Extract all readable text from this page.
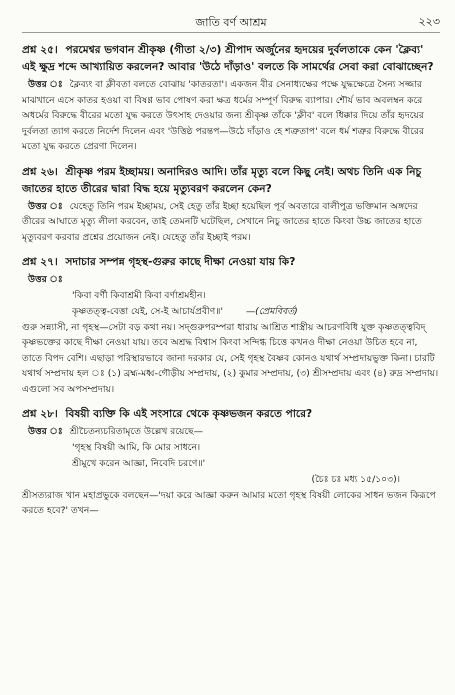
জাতি বর্ণ আশ্রম	২২৩
প্রশ্ন ২৫। পরমেশ্বর ভগবান শ্রীকৃষ্ণ (গীতা ২/৩) শ্রীপাদ অর্জুনের হৃদয়ের দুর্বলতাকে কেন 'ক্লৈব্য' এই ক্ষুদ্র শব্দে আখ্যায়িত করলেন? আবার 'উঠে দাঁড়াও' বলতে কি সামর্থের সেবা করা বোঝাচ্ছেন?
উত্তর ঃ ক্লৈব্যং বা ক্লীবতা বলতে বোঝায় 'কাতরতা'। একজন বীর সেনাধ্যক্ষের পক্ষে যুদ্ধক্ষেত্রে সৈন্য সজ্জার মাঝখানে এসে কাতর হওয়া বা বিষণ্ণ ভাব পোষণ করা ক্ষত্র ধর্মের সম্পূর্ণ বিরুদ্ধ ব্যাপার। শৌর্য ভাব অবলম্বন করে অধর্মের বিরুদ্ধে বীরের মতো যুদ্ধ করতে উৎসাহ দেওয়ার জন্য শ্রীকৃষ্ণ তাঁকে 'ক্লীব' বলে ধিক্কার দিয়ে তাঁর হৃদয়ের দুর্বলতা ত্যাগ করতে নির্দেশ দিলেন এবং 'উত্তিষ্ঠ পরন্তপ—উঠে দাঁড়াও হে শত্রুতাপ' বলে ধর্ম শত্রুর বিরুদ্ধে বীরের মতো যুদ্ধ করতে প্রেরণা দিলেন।
প্রশ্ন ২৬। শ্রীকৃষ্ণ পরম ইচ্ছাময়। অনাদিরও আদি। তাঁর মৃত্যু বলে কিছু নেই। অথচ তিনি এক নিচু জাতের হাতে তীরের দ্বারা বিদ্ধ হয়ে মৃত্যুবরণ করলেন কেন?
উত্তর ঃ যেহেতু তিনি পরম ইচ্ছাময়, সেই হেতু তাঁর ইচ্ছা হয়েছিল পূর্ব অবতারে বালীপুত্র ভক্তিমান অঙ্গদের তীরের আঘাতে মৃত্যু লীলা করবেন, তাই তেমনটি ঘটেছিল, সেখানে নিচু জাতের হাতে কিংবা উচ্চ জাতের হাতে মৃত্যুবরণ করবার প্রশ্নের প্রয়োজন নেই। যেহেতু তাঁর ইচ্ছাই পরম।
প্রশ্ন ২৭। সদাচার সম্পন্ন গৃহস্থ-গুরুর কাছে দীক্ষা নেওয়া যায় কি?
উত্তর ঃ
'কিবা বর্ণী কিবাশ্রমী কিবা বর্ণাশ্রমহীন।
কৃষ্ণতত্ত্ব-বেত্তা যেই, সে-ই আচার্যপ্রবীণ॥' —(প্রেমবিবর্ত)
গুরু সন্ন্যাসী, না গৃহস্থ—সেটা বড় কথা নয়। সদ্গুরুপরম্পরা ধারায় আশ্রিত শাস্ত্রীয় আচরণবিধি যুক্ত কৃষ্ণতত্ত্ববিদ্ কৃষ্ণভক্তের কাছে দীক্ষা নেওয়া যায়। তবে অশ্রদ্ধ বিশ্বাস কিংবা সন্দিগ্ধ চিত্তে কখনও দীক্ষা নেওয়া উচিত হবে না, তাতে বিপদ বেশি। এছাড়া পরিস্থারভাবে জানা দরকার যে, সেই গৃহস্থ বৈষ্ণব কোনও যথার্থ সম্প্রদায়ভুক্ত কিনা। চারটি যথার্থ সম্প্রদায় হল ঃ (১) ব্রহ্ম-মধ্ব-গৌড়ীয় সম্প্রদায়, (২) কুমার সম্প্রদায়, (৩) শ্রীসম্প্রদায় এবং (৪) রুদ্র সম্প্রদায়। এগুলো সব অপসম্প্রদায়।
প্রশ্ন ২৮। বিষয়ী ব্যক্তি কি এই সংসারে থেকে কৃষ্ণভজন করতে পারে?
উত্তর ঃ শ্রীচৈতন্যচরিতামৃতে উল্লেখ রয়েছে—
'গৃহস্থ বিষয়ী আমি, কি মোর সাধনে।
শ্রীমুখে করেন আজ্ঞা, নিবেদি চরণে॥'
(চৈঃ চঃ মধ্য ১৫/১০৩)।
শ্রীসত্যরাজ খান মহাপ্রভুকে বলছেন—'দয়া করে আজ্ঞা করুন আমার মতো গৃহস্থ বিষয়ী লোকের সাধন ভজন কিরূপে করতে হবে?' তখন—
